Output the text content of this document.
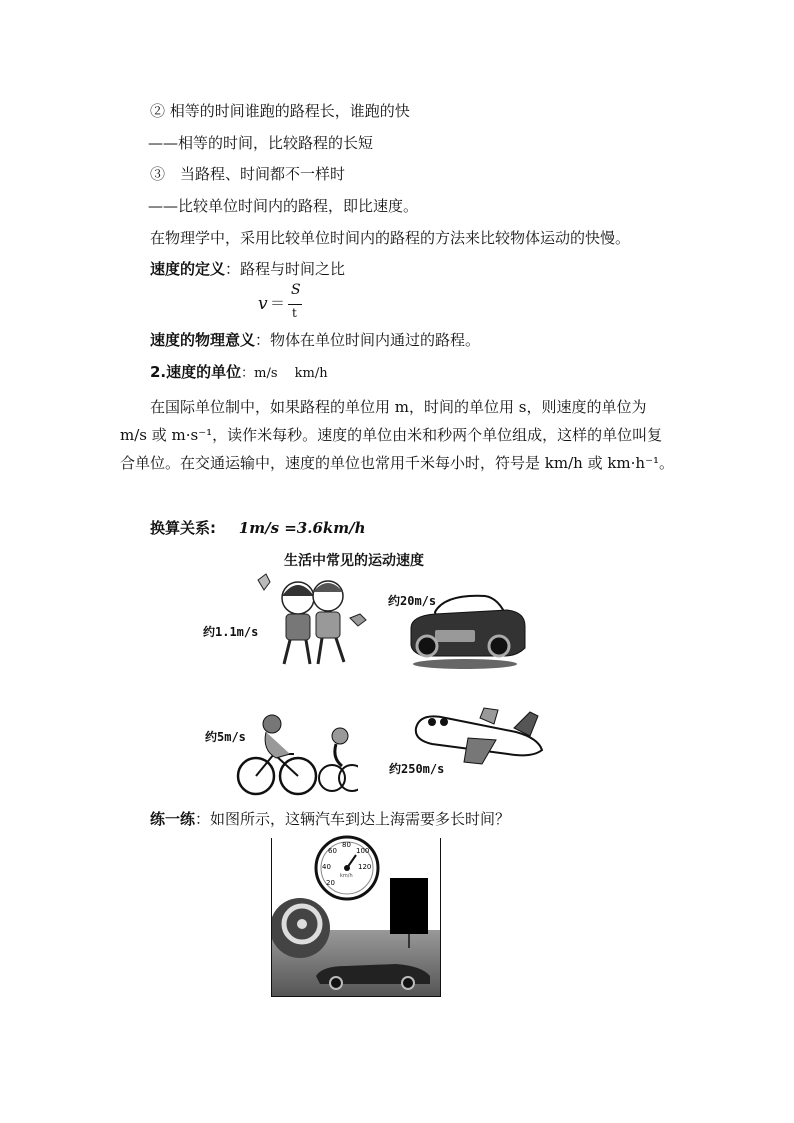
② 相等的时间谁跑的路程长，谁跑的快
——相等的时间，比较路程的长短
③　当路程、时间都不一样时
——比较单位时间内的路程，即比速度。
在物理学中，采用比较单位时间内的路程的方法来比较物体运动的快慢。
速度的定义：路程与时间之比
v ＝
S
t
速度的物理意义：物体在单位时间内通过的路程。
2.速度的单位：m/s　 km/h
在国际单位制中，如果路程的单位用 m，时间的单位用 s，则速度的单位为 m/s 或 m·s⁻¹，读作米每秒。速度的单位由米和秒两个单位组成，这样的单位叫复合单位。在交通运输中，速度的单位也常用千米每小时，符号是 km/h 或 km·h⁻¹。
换算关系: 1m/s =3.6km/h
生活中常见的运动速度
约1.1m/s
约20m/s
约5m/s
约250m/s
练一练：如图所示，这辆汽车到达上海需要多长时间？
20
40
60
80
100
120
km/h
